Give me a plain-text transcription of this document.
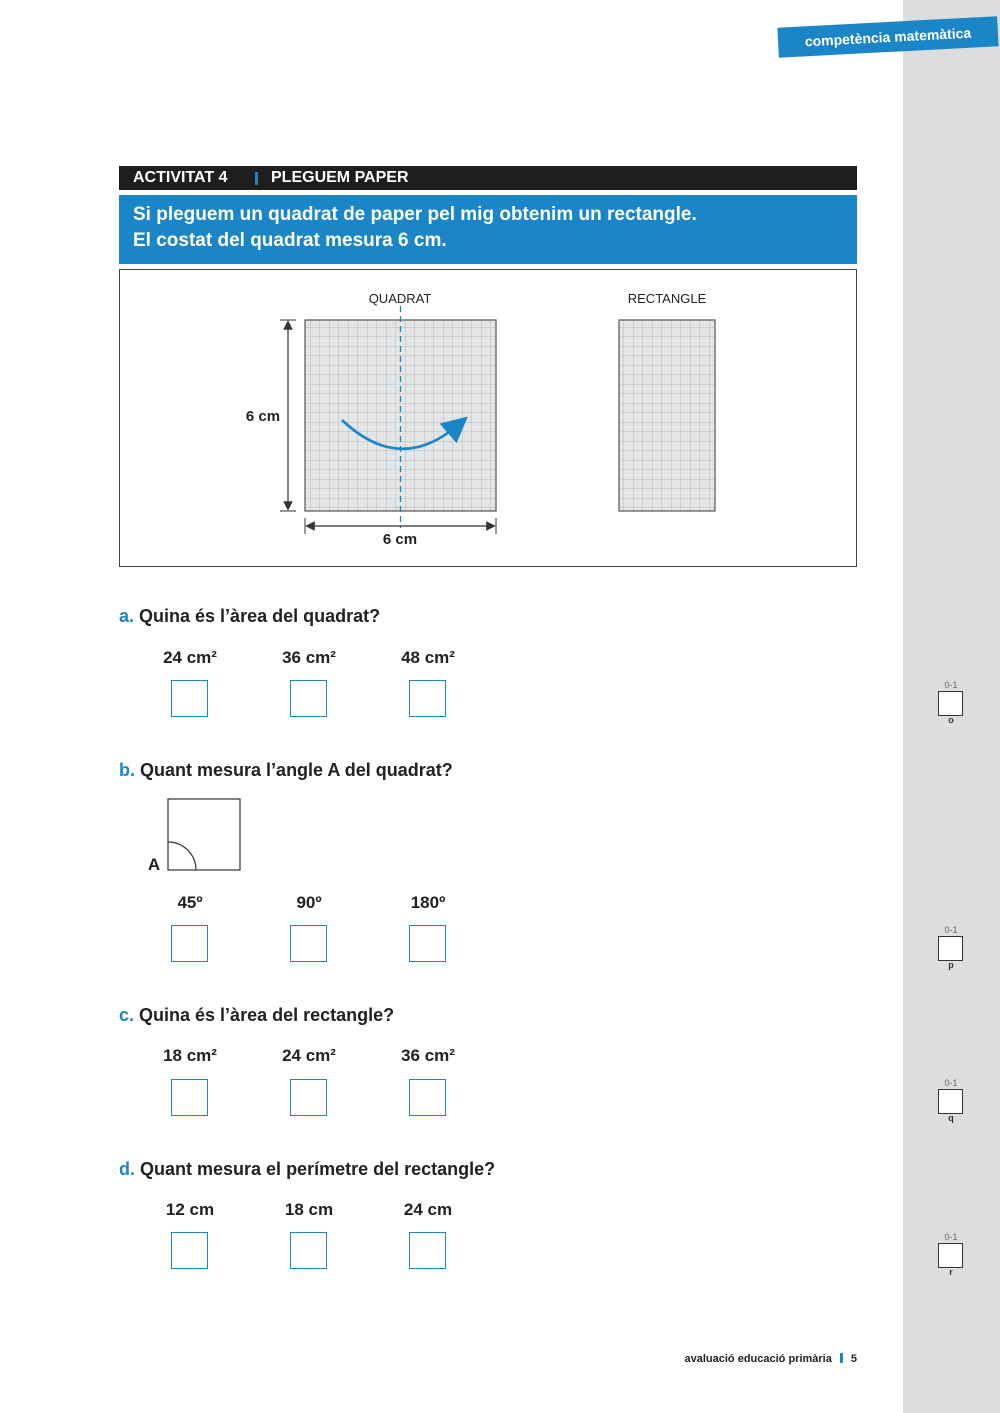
competència matemàtica
ACTIVITAT 4	PLEGUEM PAPER
Si pleguem un quadrat de paper pel mig obtenim un rectangle.
El costat del quadrat mesura 6 cm.
QUADRAT	RECTANGLE
6 cm
6 cm
a. Quina és l’àrea del quadrat?
24 cm²	36 cm²	48 cm²
b. Quant mesura l’angle A del quadrat?
A
45º	90º	180º
c. Quina és l’àrea del rectangle?
18 cm²	24 cm²	36 cm²
d. Quant mesura el perímetre del rectangle?
12 cm	18 cm	24 cm
0-1
o
0-1
p
0-1
q
0-1
r
avaluació educació primària 5
